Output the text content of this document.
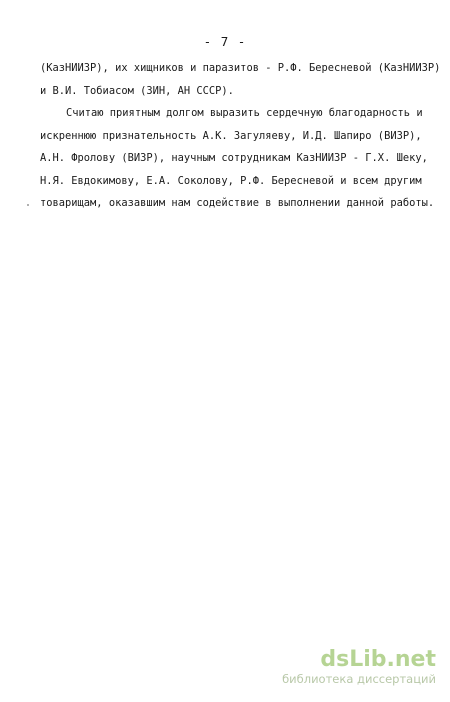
- 7 -
(КазНИИЗР), их хищников и паразитов - Р.Ф. Бересневой (КазНИИЗР)
и В.И. Тобиасом (ЗИН, АН СССР).
Считаю приятным долгом выразить сердечную благодарность и
искреннюю признательность А.К. Загуляеву, И.Д. Шапиро (ВИЗР),
А.Н. Фролову (ВИЗР), научным сотрудникам КазНИИЗР - Г.Х. Шеку,
Н.Я. Евдокимову, Е.А. Соколову, Р.Ф. Бересневой и всем другим
товарищам, оказавшим нам содействие в выполнении данной работы.
dsLib.net
библиотека диссертаций
